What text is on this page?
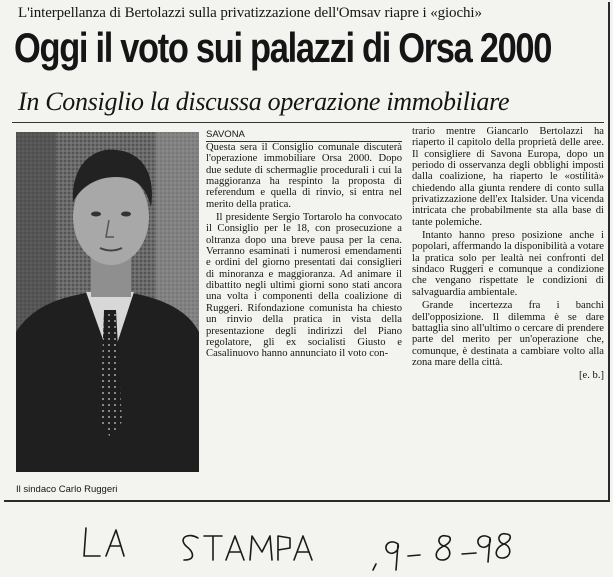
L'interpellanza di Bertolazzi sulla privatizzazione dell'Omsav riapre i «giochi»
Oggi il voto sui palazzi di Orsa 2000
In Consiglio la discussa operazione immobiliare
Il sindaco Carlo Ruggeri
SAVONA

Questa sera il Consiglio comunale discuterà l'operazione immobiliare Orsa 2000. Dopo due sedute di schermaglie procedurali i cui la maggioranza ha respinto la proposta di referendum e quella di rinvio, si entra nel merito della pratica.

Il presidente Sergio Tortarolo ha convocato il Consiglio per le 18, con prosecuzione a oltranza dopo una breve pausa per la cena. Verranno esaminati i numerosi emendamenti e ordini del giorno presentati dai consiglieri di minoranza e maggioranza. Ad animare il dibattito negli ultimi giorni sono stati ancora una volta i componenti della coalizione di Ruggeri. Rifondazione comunista ha chiesto un rinvio della pratica in vista della presentazione degli indirizzi del Piano regolatore, gli ex socialisti Giusto e Casalinuovo hanno annunciato il voto con-

trario mentre Giancarlo Bertolazzi ha riaperto il capitolo della proprietà delle aree. Il consigliere di Savona Europa, dopo un periodo di osservanza degli obblighi imposti dalla coalizione, ha riaperto le «ostilità» chiedendo alla giunta rendere di conto sulla privatizzazione dell'ex Italsider. Una vicenda intricata che probabilmente sta alla base di tante polemiche.

Intanto hanno preso posizione anche i popolari, affermando la disponibilità a votare la pratica solo per lealtà nei confronti del sindaco Ruggeri e comunque a condizione che vengano rispettate le condizioni di salvaguardia ambientale.

Grande incertezza fra i banchi dell'opposizione. Il dilemma è se dare battaglia sino all'ultimo o cercare di prendere parte del merito per un'operazione che, comunque, è destinata a cambiare volto alla zona mare della città.

[e. b.]
